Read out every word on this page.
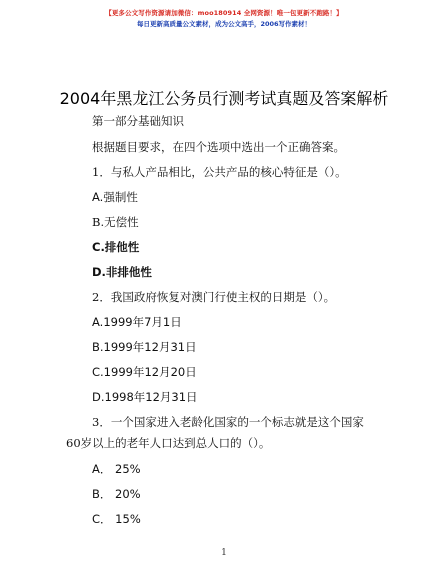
【更多公文写作资源请加微信：moo180914 全网资源！唯一包更新不跑路！】
每日更新高质量公文素材，成为公文高手，2006写作素材！
2004年黑龙江公务员行测考试真题及答案解析
第一部分基础知识
根据题目要求，在四个选项中选出一个正确答案。
1．与私人产品相比，公共产品的核心特征是（）。
A.强制性
B.无偿性
C.排他性
D.非排他性
2．我国政府恢复对澳门行使主权的日期是（）。
A.1999年7月1日
B.1999年12月31日
C.1999年12月20日
D.1998年12月31日
3．一个国家进入老龄化国家的一个标志就是这个国家
60岁以上的老年人口达到总人口的（）。
A． 25%
B． 20%
C． 15%
1
